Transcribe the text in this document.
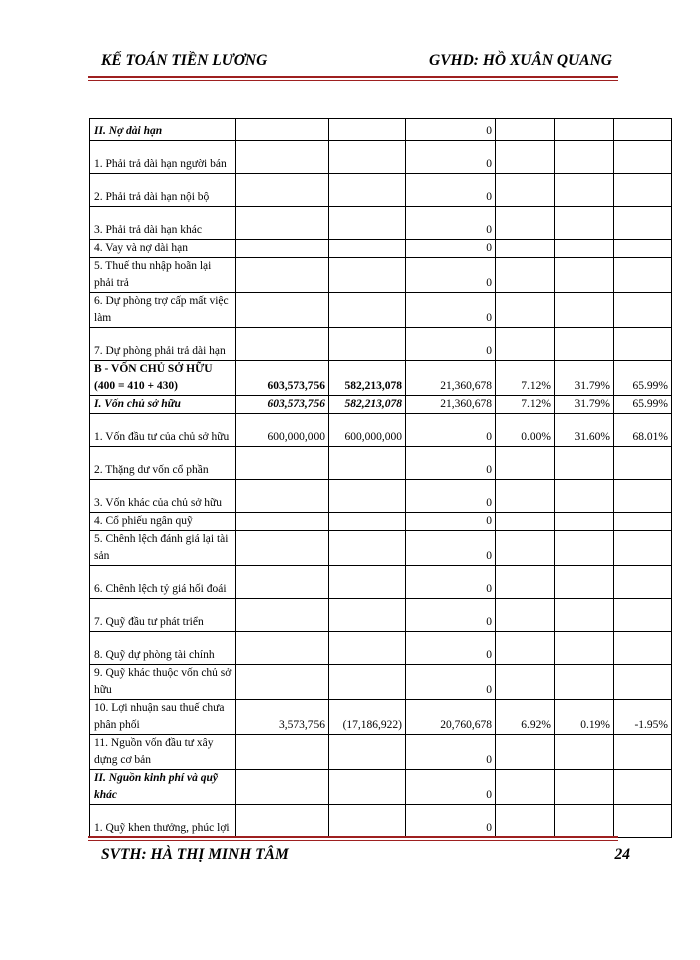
KẾ TOÁN TIỀN LƯƠNG	GVHD: HỒ XUÂN QUANG
II. Nợ dài hạn			0			
1. Phải trả dài hạn người bán			0			
2. Phải trả dài hạn nội bộ			0			
3. Phải trả dài hạn khác			0			
4. Vay và nợ dài hạn			0			
5. Thuế thu nhập hoãn lại phải trả			0			
6. Dự phòng trợ cấp mất việc làm			0			
7. Dự phòng phải trả dài hạn			0			
B - VỐN CHỦ SỞ HỮU (400 = 410 + 430)	603,573,756	582,213,078	21,360,678	7.12%	31.79%	65.99%
I. Vốn chủ sở hữu	603,573,756	582,213,078	21,360,678	7.12%	31.79%	65.99%
1. Vốn đầu tư của chủ sở hữu	600,000,000	600,000,000	0	0.00%	31.60%	68.01%
2. Thặng dư vốn cổ phần			0			
3. Vốn khác của chủ sở hữu			0			
4. Cổ phiếu ngân quỹ			0			
5. Chênh lệch đánh giá lại tài sản			0			
6. Chênh lệch tỷ giá hối đoái			0			
7. Quỹ đầu tư phát triển			0			
8. Quỹ dự phòng tài chính			0			
9. Quỹ khác thuộc vốn chủ sở hữu			0			
10. Lợi nhuận sau thuế chưa phân phối	3,573,756	(17,186,922)	20,760,678	6.92%	0.19%	-1.95%
11. Nguồn vốn đầu tư xây dựng cơ bản			0			
II. Nguồn kinh phí và quỹ khác			0			
1. Quỹ khen thưởng, phúc lợi			0			
SVTH: HÀ THỊ MINH TÂM	24
